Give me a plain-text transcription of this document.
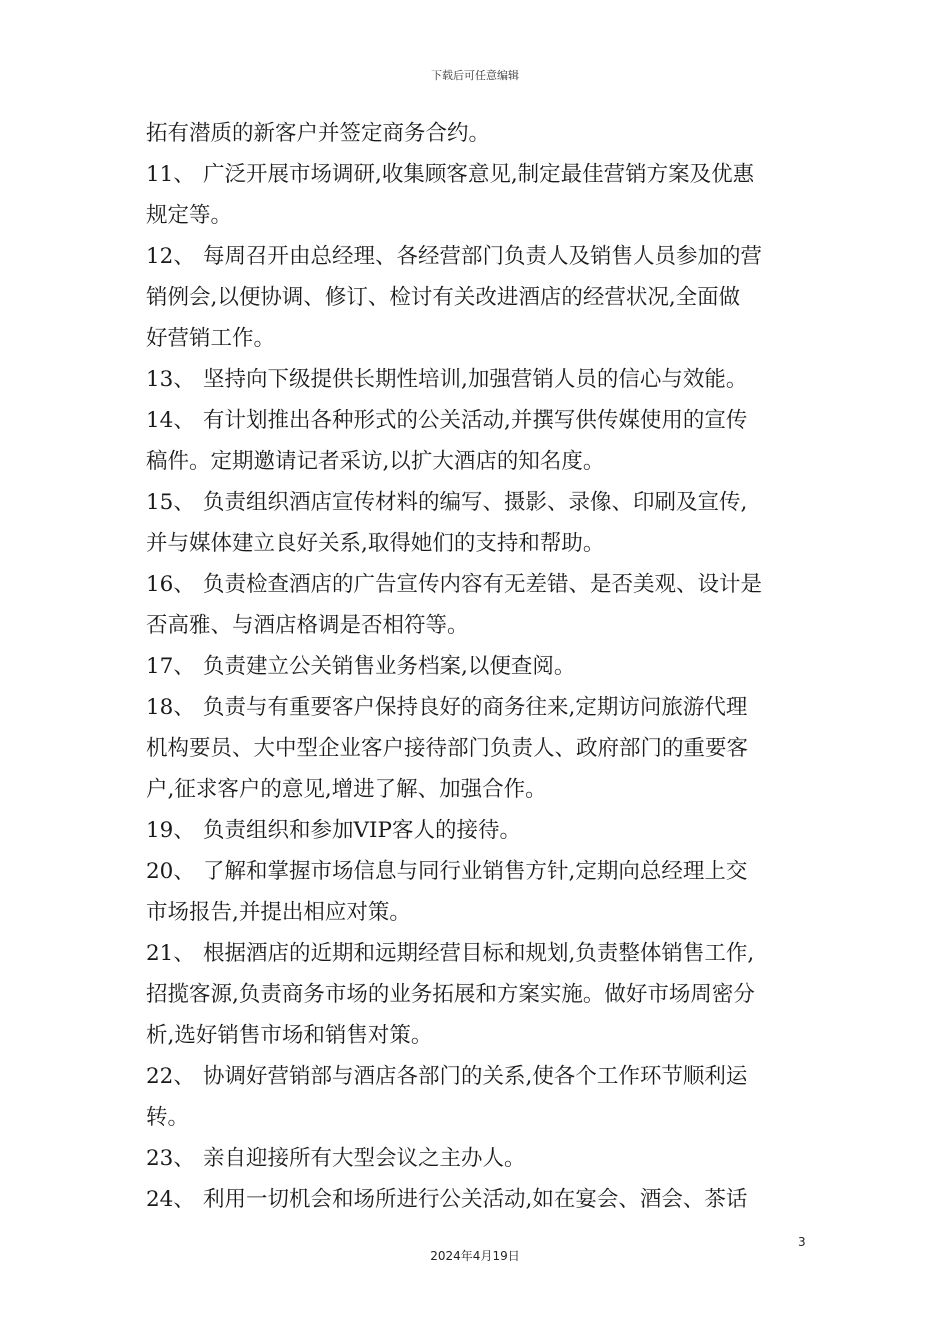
下载后可任意编辑
拓有潜质的新客户并签定商务合约。
11、 广泛开展市场调研,收集顾客意见,制定最佳营销方案及优惠
规定等。
12、 每周召开由总经理、各经营部门负责人及销售人员参加的营
销例会,以便协调、修订、检讨有关改进酒店的经营状况,全面做
好营销工作。
13、 坚持向下级提供长期性培训,加强营销人员的信心与效能。
14、 有计划推出各种形式的公关活动,并撰写供传媒使用的宣传
稿件。定期邀请记者采访,以扩大酒店的知名度。
15、 负责组织酒店宣传材料的编写、摄影、录像、印刷及宣传,
并与媒体建立良好关系,取得她们的支持和帮助。
16、 负责检查酒店的广告宣传内容有无差错、是否美观、设计是
否高雅、与酒店格调是否相符等。
17、 负责建立公关销售业务档案,以便查阅。
18、 负责与有重要客户保持良好的商务往来,定期访问旅游代理
机构要员、大中型企业客户接待部门负责人、政府部门的重要客
户,征求客户的意见,增进了解、加强合作。
19、 负责组织和参加VIP客人的接待。
20、 了解和掌握市场信息与同行业销售方针,定期向总经理上交
市场报告,并提出相应对策。
21、 根据酒店的近期和远期经营目标和规划,负责整体销售工作,
招揽客源,负责商务市场的业务拓展和方案实施。做好市场周密分
析,选好销售市场和销售对策。
22、 协调好营销部与酒店各部门的关系,使各个工作环节顺利运
转。
23、 亲自迎接所有大型会议之主办人。
24、 利用一切机会和场所进行公关活动,如在宴会、酒会、茶话
3
2024年4月19日
